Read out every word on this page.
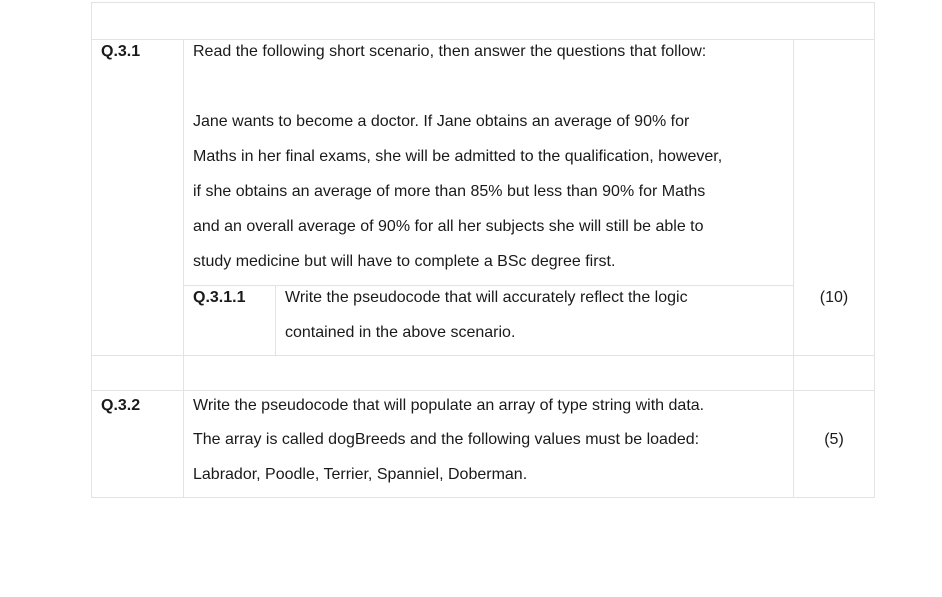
Q.3.1	Read the following short scenario, then answer the questions that follow:
Jane wants to become a doctor. If Jane obtains an average of 90% for
Maths in her final exams, she will be admitted to the qualification, however,
if she obtains an average of more than 85% but less than 90% for Maths
and an overall average of 90% for all her subjects she will still be able to
study medicine but will have to complete a BSc degree first.
Q.3.1.1 Write the pseudocode that will accurately reflect the logic
contained in the above scenario.
(10)
Q.3.2	Write the pseudocode that will populate an array of type string with data.
The array is called dogBreeds and the following values must be loaded:
Labrador, Poodle, Terrier, Spanniel, Doberman.
(5)
